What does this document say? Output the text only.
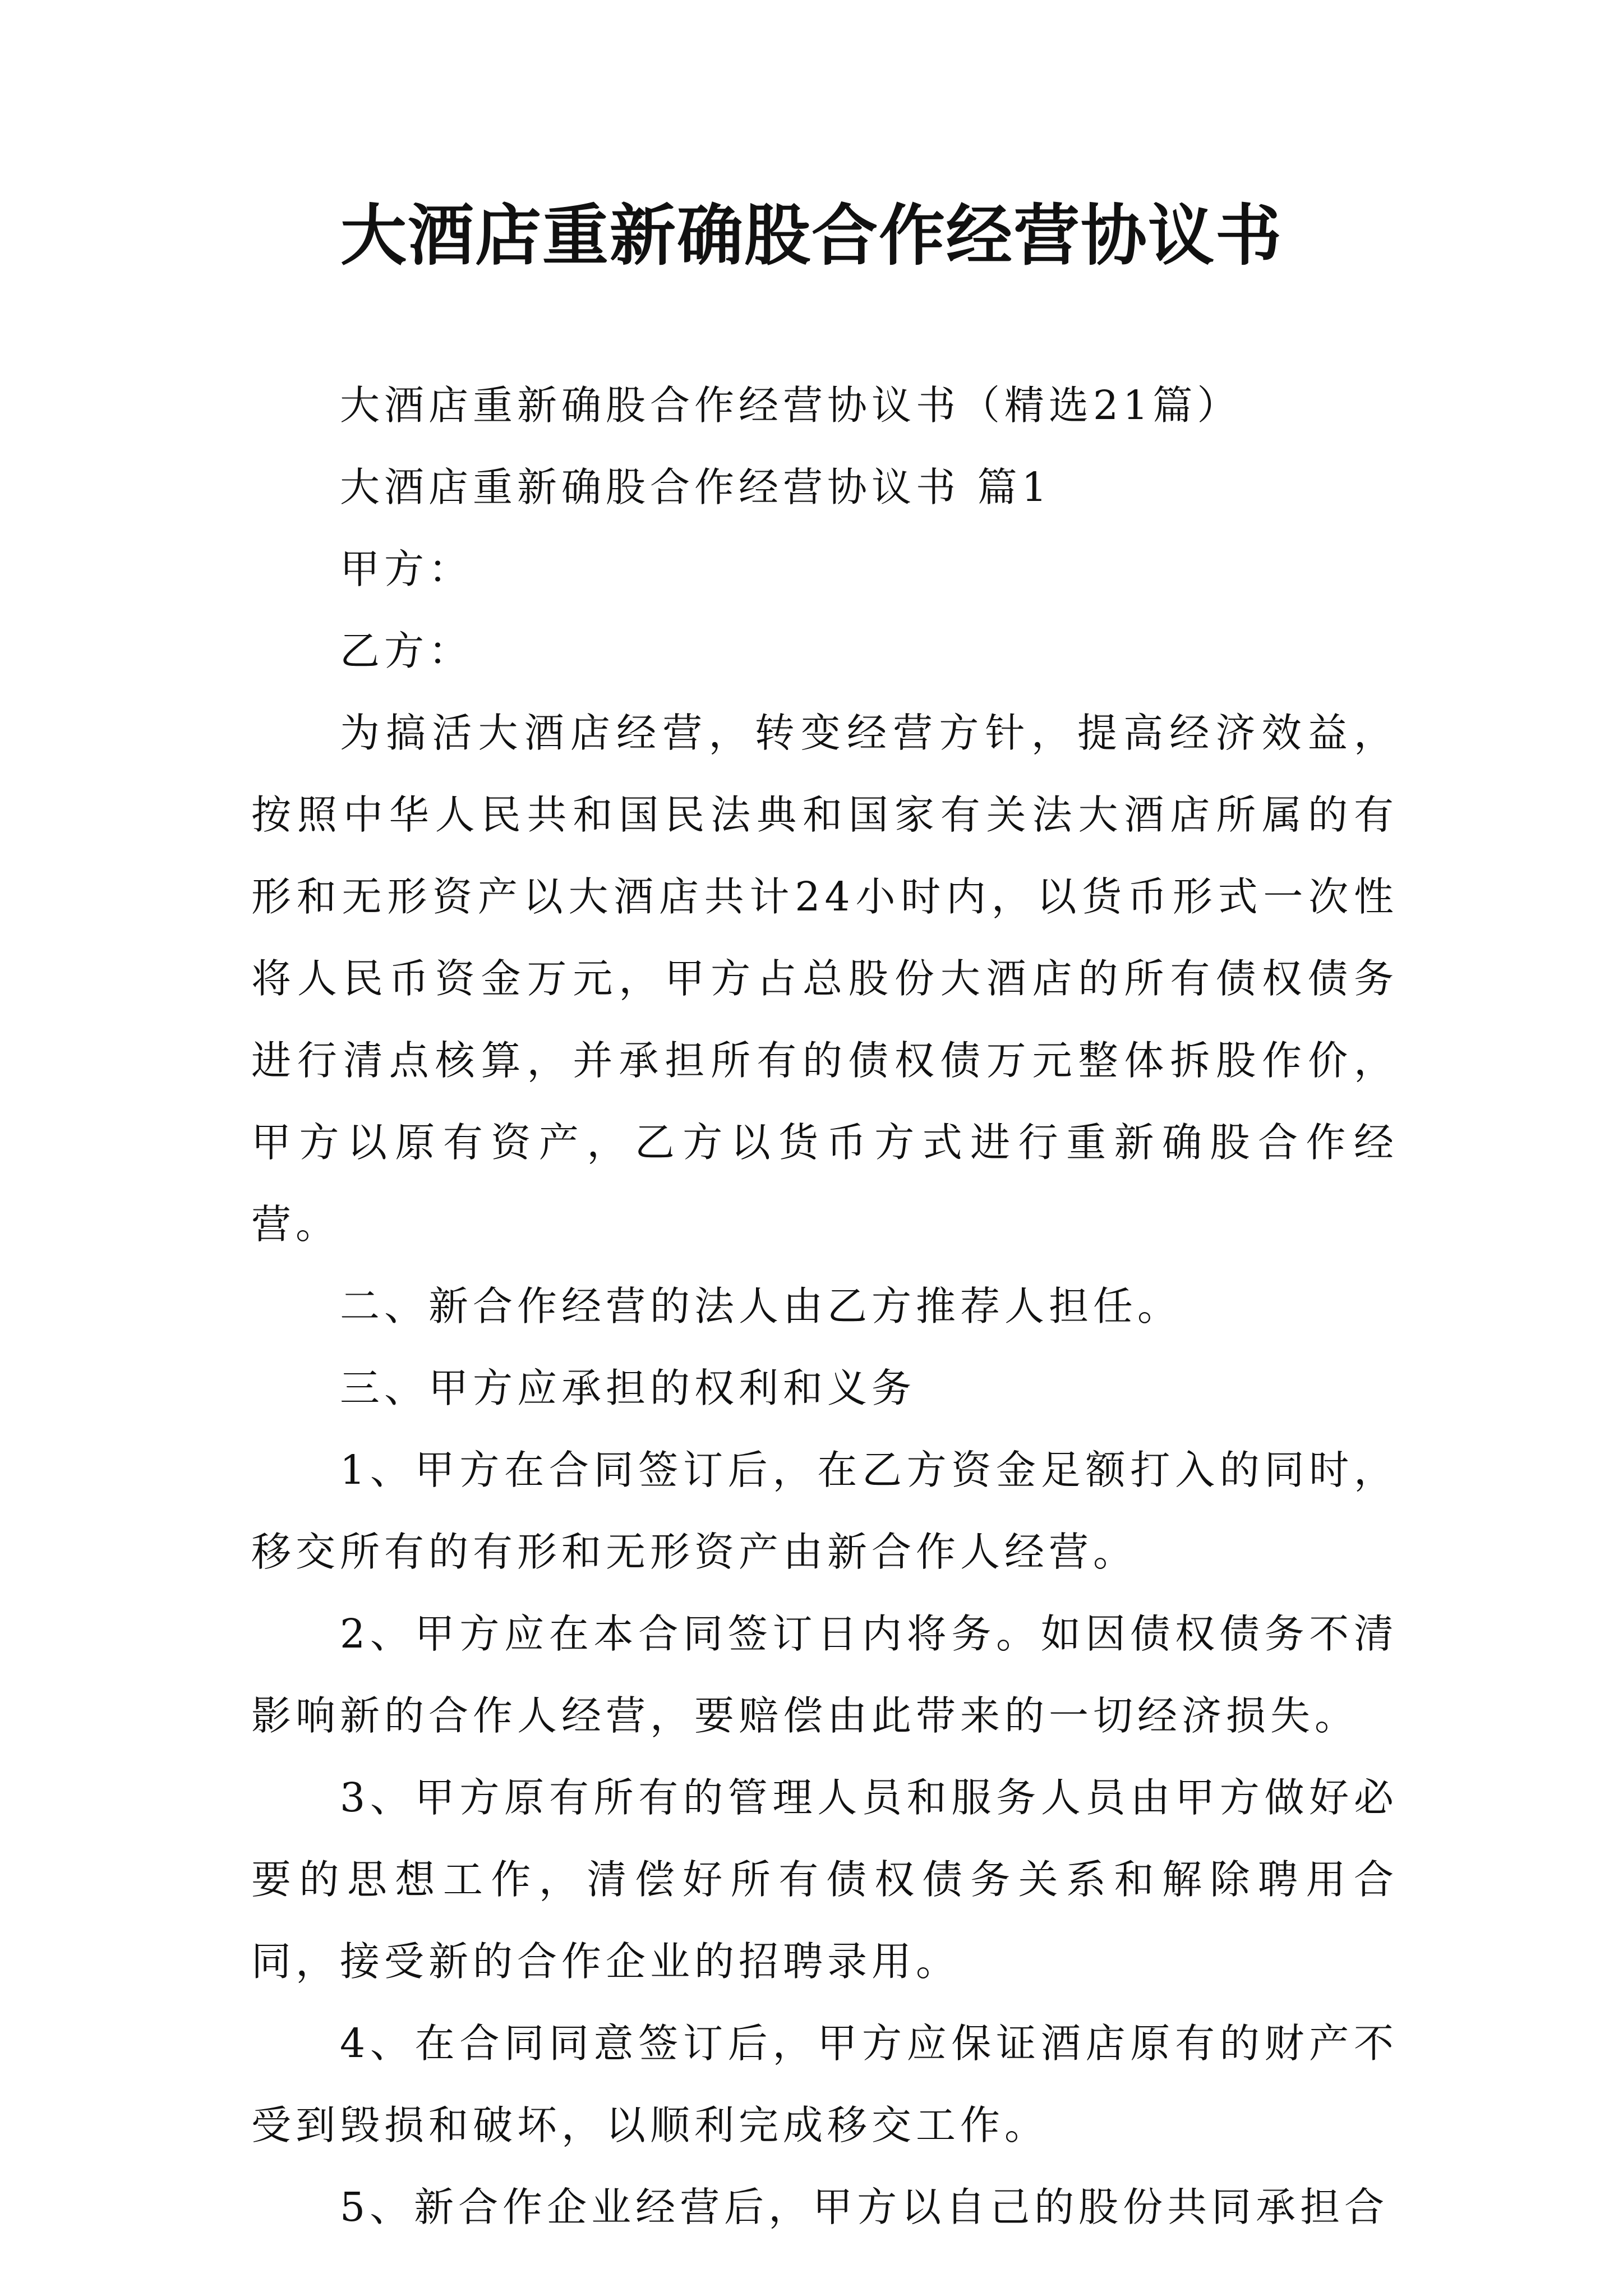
大酒店重新确股合作经营协议书

大酒店重新确股合作经营协议书（精选21篇）

大酒店重新确股合作经营协议书 篇1

甲方：

乙方：

为搞活大酒店经营，转变经营方针，提高经济效益，按照中华人民共和国民法典和国家有关法大酒店所属的有形和无形资产以大酒店共计24小时内，以货币形式一次性将人民币资金万元，甲方占总股份大酒店的所有债权债务进行清点核算，并承担所有的债权债万元整体拆股作价，甲方以原有资产，乙方以货币方式进行重新确股合作经营。

二、新合作经营的法人由乙方推荐人担任。

三、甲方应承担的权利和义务

1、甲方在合同签订后，在乙方资金足额打入的同时，移交所有的有形和无形资产由新合作人经营。

2、甲方应在本合同签订日内将务。如因债权债务不清影响新的合作人经营，要赔偿由此带来的一切经济损失。

3、甲方原有所有的管理人员和服务人员由甲方做好必要的思想工作，清偿好所有债权债务关系和解除聘用合同，接受新的合作企业的招聘录用。

4、在合同同意签订后，甲方应保证酒店原有的财产不受到毁损和破坏，以顺利完成移交工作。

5、新合作企业经营后，甲方以自己的股份共同承担合
